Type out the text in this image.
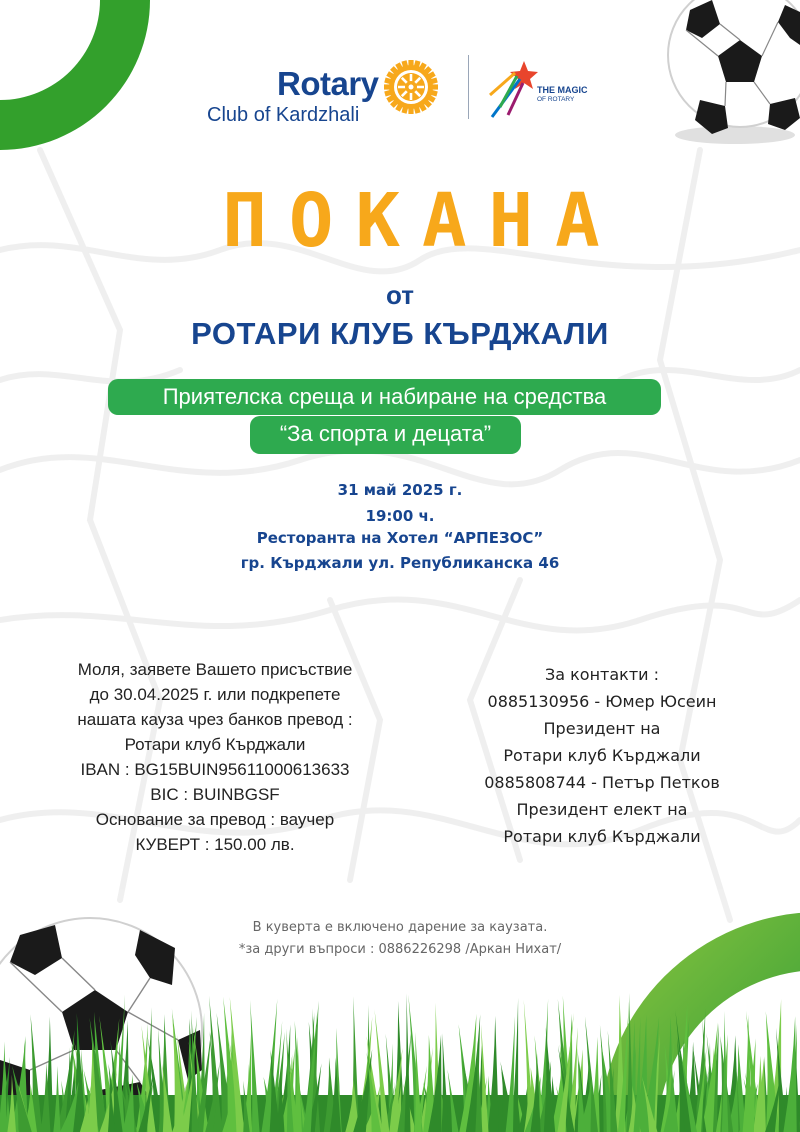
Rotary
Club of Kardzhali
THE MAGIC
OF ROTARY
ПОКАНА
от
РОТАРИ КЛУБ КЪРДЖАЛИ
Приятелска среща и набиране на средства
“За спорта и децата”
31 май 2025 г.
19:00 ч.
Ресторанта на Хотел “АРПЕЗОС”
гр. Кърджали ул. Републиканска 46
Моля, заявете Вашето присъствие
до 30.04.2025 г. или подкрепете
нашата кауза чрез банков превод :
Ротари клуб Кърджали
IBAN : BG15BUIN95611000613633
BIC : BUINBGSF
Основание за превод : ваучер
КУВЕРТ : 150.00 лв.
За контакти :
0885130956 - Юмер Юсеин
Президент на
Ротари клуб Кърджали
0885808744 - Петър Петков
Президент елект на
Ротари клуб Кърджали
В куверта е включено дарение за каузата.
*за други въпроси : 0886226298 /Аркан Нихат/
